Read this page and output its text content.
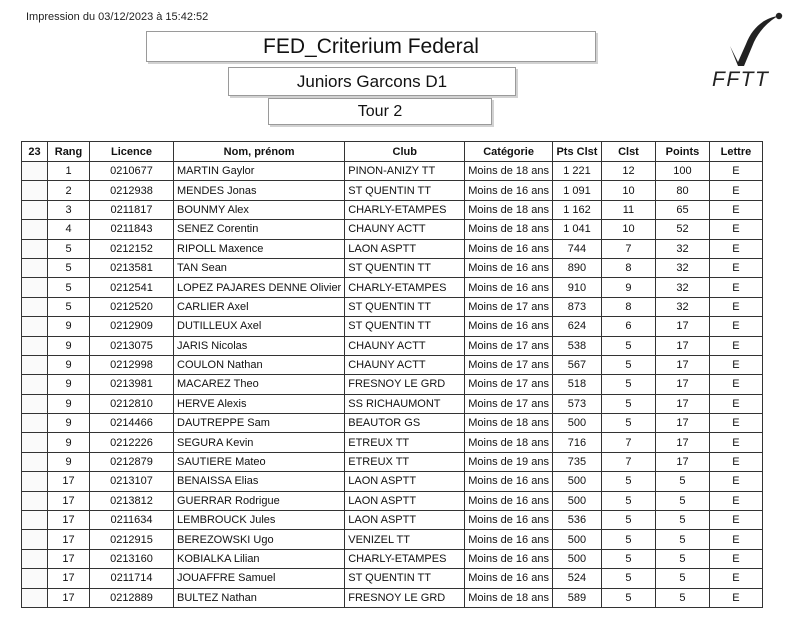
Impression du 03/12/2023 à 15:42:52
FED_Criterium Federal
Juniors Garcons D1
Tour 2
FFTT
23	Rang	Licence	Nom, prénom	Club	Catégorie	Pts Clst	Clst	Points	Lettre
	1	0210677	MARTIN Gaylor	PINON-ANIZY TT	Moins de 18 ans	1 221	12	100	E
	2	0212938	MENDES Jonas	ST QUENTIN TT	Moins de 16 ans	1 091	10	80	E
	3	0211817	BOUNMY Alex	CHARLY-ETAMPES	Moins de 18 ans	1 162	11	65	E
	4	0211843	SENEZ Corentin	CHAUNY ACTT	Moins de 18 ans	1 041	10	52	E
	5	0212152	RIPOLL Maxence	LAON ASPTT	Moins de 16 ans	744	7	32	E
	5	0213581	TAN Sean	ST QUENTIN TT	Moins de 16 ans	890	8	32	E
	5	0212541	LOPEZ PAJARES DENNE Olivier	CHARLY-ETAMPES	Moins de 16 ans	910	9	32	E
	5	0212520	CARLIER Axel	ST QUENTIN TT	Moins de 17 ans	873	8	32	E
	9	0212909	DUTILLEUX Axel	ST QUENTIN TT	Moins de 16 ans	624	6	17	E
	9	0213075	JARIS Nicolas	CHAUNY ACTT	Moins de 17 ans	538	5	17	E
	9	0212998	COULON Nathan	CHAUNY ACTT	Moins de 17 ans	567	5	17	E
	9	0213981	MACAREZ Theo	FRESNOY LE GRD	Moins de 17 ans	518	5	17	E
	9	0212810	HERVE Alexis	SS RICHAUMONT	Moins de 17 ans	573	5	17	E
	9	0214466	DAUTREPPE Sam	BEAUTOR GS	Moins de 18 ans	500	5	17	E
	9	0212226	SEGURA Kevin	ETREUX TT	Moins de 18 ans	716	7	17	E
	9	0212879	SAUTIERE Mateo	ETREUX TT	Moins de 19 ans	735	7	17	E
	17	0213107	BENAISSA Elias	LAON ASPTT	Moins de 16 ans	500	5	5	E
	17	0213812	GUERRAR Rodrigue	LAON ASPTT	Moins de 16 ans	500	5	5	E
	17	0211634	LEMBROUCK Jules	LAON ASPTT	Moins de 16 ans	536	5	5	E
	17	0212915	BEREZOWSKI Ugo	VENIZEL TT	Moins de 16 ans	500	5	5	E
	17	0213160	KOBIALKA Lilian	CHARLY-ETAMPES	Moins de 16 ans	500	5	5	E
	17	0211714	JOUAFFRE Samuel	ST QUENTIN TT	Moins de 16 ans	524	5	5	E
	17	0212889	BULTEZ Nathan	FRESNOY LE GRD	Moins de 18 ans	589	5	5	E
